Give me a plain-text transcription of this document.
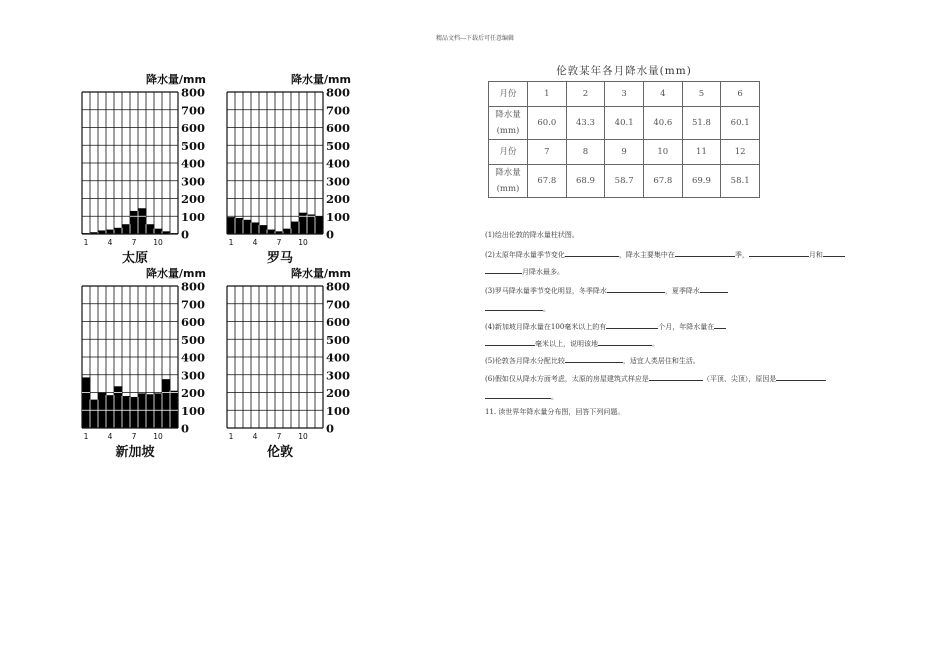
精品文档---下载后可任意编辑
800
700
600
500
400
300
200
100
0
1	4	7 10
降水量/mm
太原
800
700
600
500
400
300
200
100
0
1	4	7 10
降水量/mm
罗马
800
700
600
500
400
300
200
100
0
1	4	7 10
降水量/mm
新加坡
800
700
600
500
400
300
200
100
0
1	4	7 10
降水量/mm
伦敦
伦敦某年各月降水量(mm)
月份	1	2	3	4	5	6
降水量
(mm)	60.0	43.3	40.1	40.6	51.8	60.1
月份	7	8	9	10	11	12
降水量
(mm)	67.8	68.9	58.7	67.8	69.9	58.1
(1)绘出伦敦的降水量柱状图。
(2)太原年降水量季节变化	，降水主要集中在	季，	月和
月降水最多。
(3)罗马降水量季节变化明显，冬季降水	，夏季降水
。
(4)新加坡月降水量在100毫米以上的有	个月，年降水量在
毫米以上，说明该地	。
(5)伦敦各月降水分配比较	，适宜人类居住和生活。
(6)假如仅从降水方面考虑，太原的房屋建筑式样应是	（平顶、尖顶），原因是
。
11. 读世界年降水量分布图，回答下列问题。
